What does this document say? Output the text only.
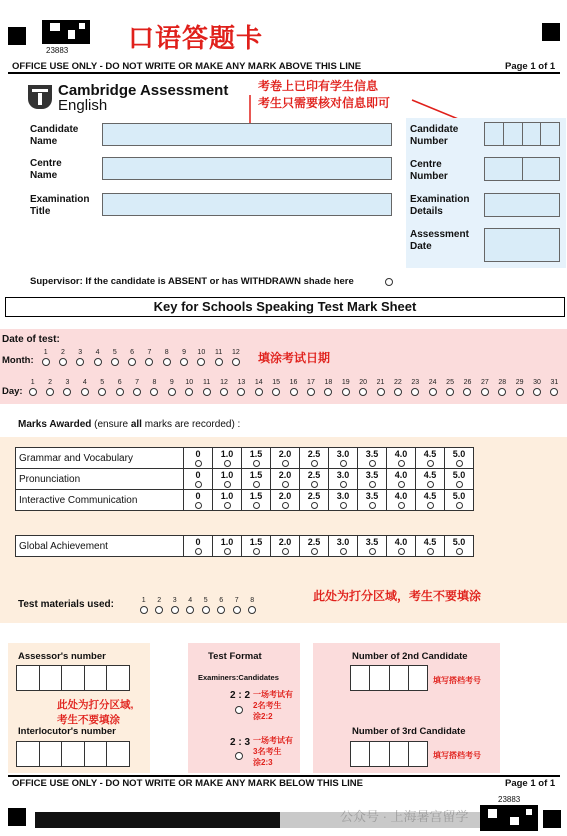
23883 口语答题卡
OFFICE USE ONLY - DO NOT WRITE OR MAKE ANY MARK ABOVE THIS LINE	Page 1 of 1
Cambridge Assessment
English
考卷上已印有学生信息
考生只需要核对信息即可
Candidate
Name
Centre
Name
Examination
Title
Candidate
Number
Centre
Number
Examination
Details
Assessment
Date
Supervisor: If the candidate is ABSENT or has WITHDRAWN shade here
Key for Schools Speaking Test Mark Sheet
Date of test:
Month:
1 2 3 4 5 6 7 8 9 10 11 12 填涂考试日期
Day:
1 2 3 4 5 6 7 8 9 10 11 12 13 14 15 16 17 18 19 20 21 22 23 24 25 26 27 28 29 30 31
Marks Awarded (ensure all marks are recorded) :
Grammar and Vocabulary	0	1.0	1.5	2.0	2.5	3.0	3.5	4.0	4.5	5.0

Pronunciation	0	1.0	1.5	2.0	2.5	3.0	3.5	4.0	4.5	5.0

Interactive Communication	0	1.0	1.5	2.0	2.5	3.0	3.5	4.0	4.5	5.0
Global Achievement	0	1.0	1.5	2.0	2.5	3.0	3.5	4.0	4.5	5.0
此处为打分区域，考生不要填涂
Test materials used:	1 2 3 4 5 6 7 8
Assessor's number
此处为打分区域,
考生不要填涂
Interlocutor's number
Test Format
Examiners:Candidates
2 : 2 一场考试有
2名考生
涂2:2
2 : 3 一场考试有
3名考生
涂2:3
Number of 2nd Candidate
填写搭档考号
Number of 3rd Candidate
填写搭档考号
OFFICE USE ONLY - DO NOT WRITE OR MAKE ANY MARK BELOW THIS LINE	Page 1 of 1
23883
公众号 · 上海暑宫留学
